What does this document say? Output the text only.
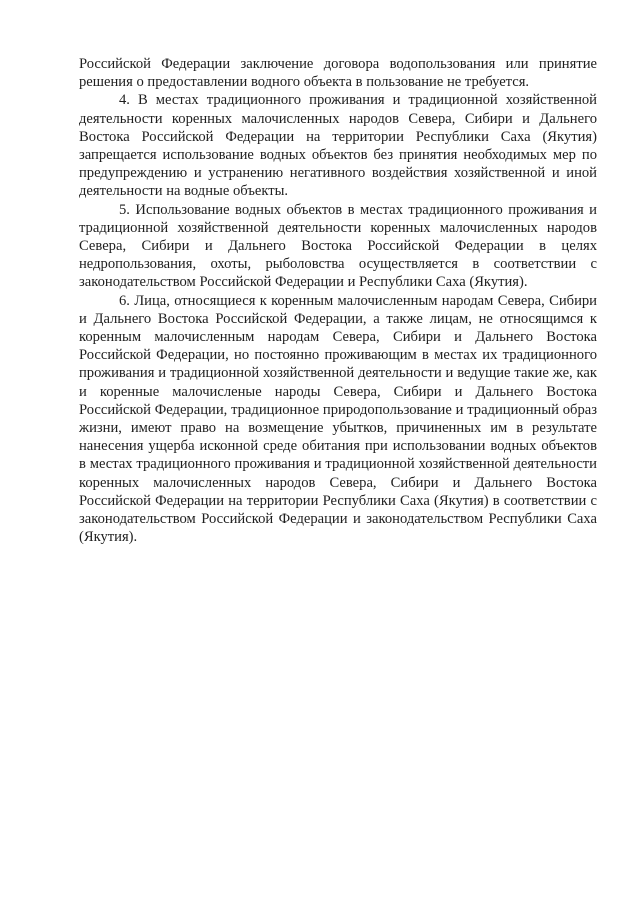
Российской Федерации заключение договора водопользования или принятие решения о предоставлении водного объекта в пользование не требуется.

4. В местах традиционного проживания и традиционной хозяйственной деятельности коренных малочисленных народов Севера, Сибири и Дальнего Востока Российской Федерации на территории Республики Саха (Якутия) запрещается использование водных объектов без принятия необходимых мер по предупреждению и устранению негативного воздействия хозяйственной и иной деятельности на водные объекты.

5. Использование водных объектов в местах традиционного проживания и традиционной хозяйственной деятельности коренных малочисленных народов Севера, Сибири и Дальнего Востока Российской Федерации в целях недропользования, охоты, рыболовства осуществляется в соответствии с законодательством Российской Федерации и Республики Саха (Якутия).

6. Лица, относящиеся к коренным малочисленным народам Севера, Сибири и Дальнего Востока Российской Федерации, а также лицам, не относящимся к коренным малочисленным народам Севера, Сибири и Дальнего Востока Российской Федерации, но постоянно проживающим в местах их традиционного проживания и традиционной хозяйственной деятельности и ведущие такие же, как и коренные малочисленые народы Севера, Сибири и Дальнего Востока Российской Федерации, традиционное природопользование и традиционный образ жизни, имеют право на возмещение убытков, причиненных им в результате нанесения ущерба исконной среде обитания при использовании водных объектов в местах традиционного проживания и традиционной хозяйственной деятельности коренных малочисленных народов Севера, Сибири и Дальнего Востока Российской Федерации на территории Республики Саха (Якутия) в соответствии с законодательством Российской Федерации и законодательством Республики Саха (Якутия).
